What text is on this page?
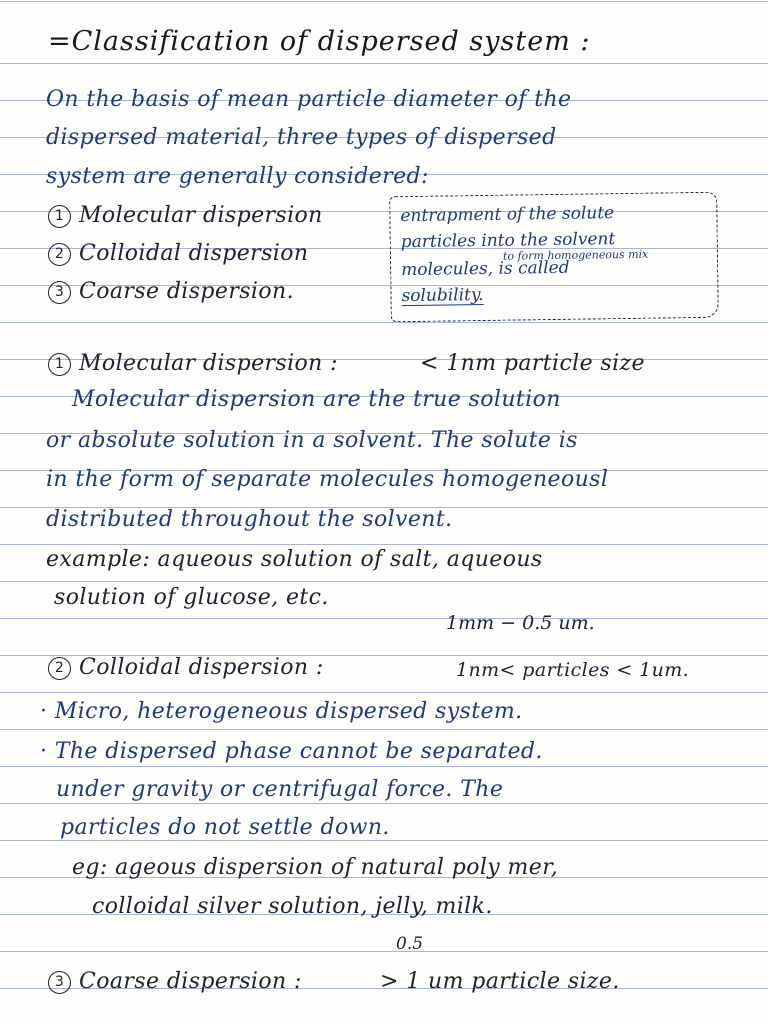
=Classification of dispersed system :
On the basis of mean particle diameter of the
dispersed material, three types of dispersed
system are generally considered:
1 Molecular dispersion
2 Colloidal dispersion
3 Coarse dispersion.
entrapment of the solute
particles into the solvent
to form homogeneous mix
molecules, is called
solubility.
1 Molecular dispersion :	< 1nm particle size
Molecular dispersion are the true solution
or absolute solution in a solvent. The solute is
in the form of separate molecules homogeneousl
distributed throughout the solvent.
example: aqueous solution of salt, aqueous
solution of glucose, etc.
1mm − 0.5 um.
2 Colloidal dispersion :	1nm< particles < 1um.
· Micro, heterogeneous dispersed system.
· The dispersed phase cannot be separated.
under gravity or centrifugal force. The
particles do not settle down.
eg: ageous dispersion of natural poly mer,
colloidal silver solution, jelly, milk.
0.5
3 Coarse dispersion :	> 1 um particle size.
